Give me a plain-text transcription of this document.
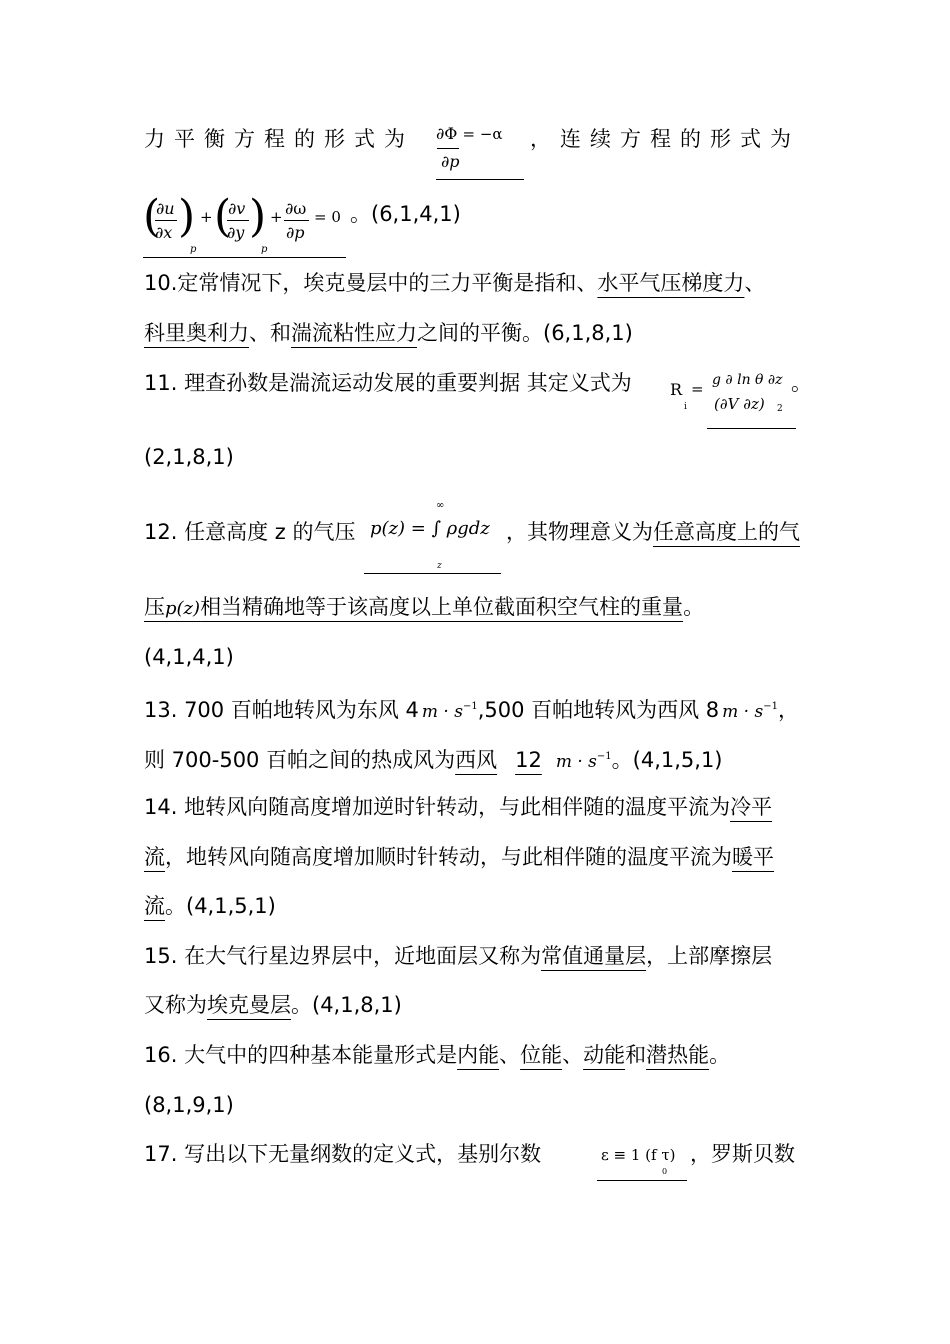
力平衡方程的形式为 ∂Φ = −α
∂p
，连续方程的形式为
(
∂u
∂x )
p
+ (
∂v
∂y )
p
+ ∂ω
∂p
= 0 。(6,1,4,1)
10.定常情况下，埃克曼层中的三力平衡是指和、水平气压梯度力、
科里奥利力、和湍流粘性应力之间的平衡。(6,1,8,1)
11. 理查孙数是湍流运动发展的重要判据 其定义式为 R
i
= g ∂ ln θ ∂z
(∂V ∂z) 2
。
(2,1,8,1)
12. 任意高度 z 的气压 p(z) = ∫ ρgdz
∞
z
，其物理意义为任意高度上的气
压p(z)相当精确地等于该高度以上单位截面积空气柱的重量。
(4,1,4,1)
13. 700 百帕地转风为东风 4 $m \cdot s^{-1},500$ 百帕地转风为西风 8 $m \cdot s^{-1}$，
则 700-500 百帕之间的热成风为西风 12 $m \cdot s^{-1}$。(4,1,5,1)
14. 地转风向随高度增加逆时针转动，与此相伴随的温度平流为冷平
流，地转风向随高度增加顺时针转动，与此相伴随的温度平流为暖平
流。(4,1,5,1)
15. 在大气行星边界层中，近地面层又称为常值通量层，上部摩擦层
又称为埃克曼层。(4,1,8,1)
16. 大气中的四种基本能量形式是内能、位能、动能和潜热能。
(8,1,9,1)
17. 写出以下无量纲数的定义式，基别尔数	ε ≡ 1 (f τ)
0
，罗斯贝数
